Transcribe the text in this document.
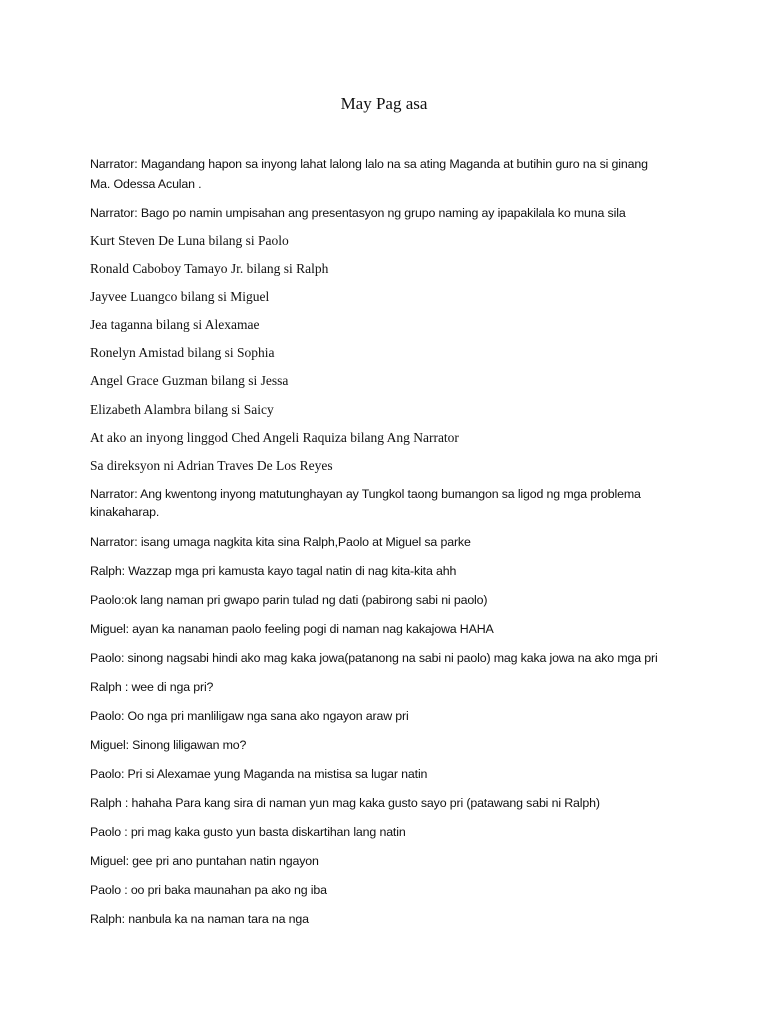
May Pag asa
Narrator: Magandang hapon sa inyong lahat lalong lalo na sa ating Maganda at butihin guro na si ginang
Ma. Odessa Aculan .
Narrator: Bago po namin umpisahan ang presentasyon ng grupo naming ay ipapakilala ko muna sila
Kurt Steven De Luna bilang si Paolo
Ronald Caboboy Tamayo Jr. bilang si Ralph
Jayvee Luangco bilang si Miguel
Jea taganna bilang si Alexamae
Ronelyn Amistad bilang si Sophia
Angel Grace Guzman bilang si Jessa
Elizabeth Alambra bilang si Saicy
At ako an inyong linggod Ched Angeli Raquiza bilang Ang Narrator
Sa direksyon ni Adrian Traves De Los Reyes
Narrator: Ang kwentong inyong matutunghayan ay Tungkol taong bumangon sa ligod ng mga problema
kinakaharap.
Narrator: isang umaga nagkita kita sina Ralph,Paolo at Miguel sa parke
Ralph: Wazzap mga pri kamusta kayo tagal natin di nag kita-kita ahh
Paolo:ok lang naman pri gwapo parin tulad ng dati (pabirong sabi ni paolo)
Miguel: ayan ka nanaman paolo feeling pogi di naman nag kakajowa HAHA
Paolo: sinong nagsabi hindi ako mag kaka jowa(patanong na sabi ni paolo) mag kaka jowa na ako mga pri
Ralph : wee di nga pri?
Paolo: Oo nga pri manliligaw nga sana ako ngayon araw pri
Miguel: Sinong liligawan mo?
Paolo: Pri si Alexamae yung Maganda na mistisa sa lugar natin
Ralph : hahaha Para kang sira di naman yun mag kaka gusto sayo pri (patawang sabi ni Ralph)
Paolo : pri mag kaka gusto yun basta diskartihan lang natin
Miguel: gee pri ano puntahan natin ngayon
Paolo : oo pri baka maunahan pa ako ng iba
Ralph: nanbula ka na naman tara na nga
